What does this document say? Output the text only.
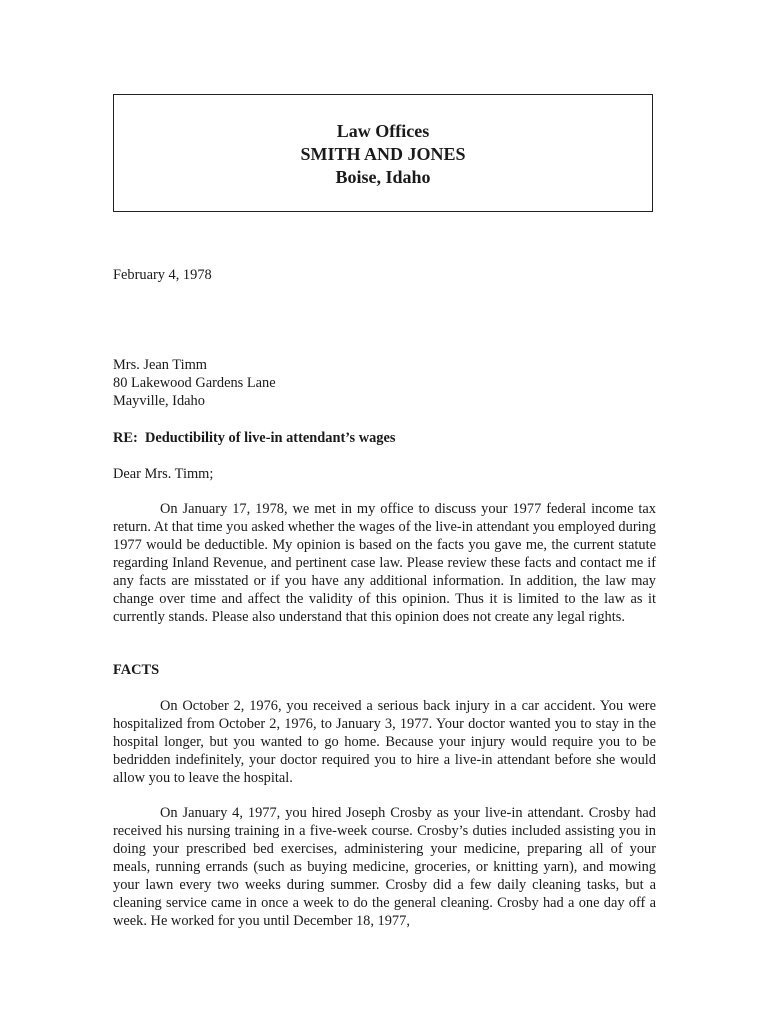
Law Offices
SMITH AND JONES
Boise, Idaho
February 4, 1978
Mrs. Jean Timm
80 Lakewood Gardens Lane
Mayville, Idaho
RE:  Deductibility of live-in attendant’s wages
Dear Mrs. Timm;
On January 17, 1978, we met in my office to discuss your 1977 federal income tax return. At that time you asked whether the wages of the live-in attendant you employed during 1977 would be deductible. My opinion is based on the facts you gave me, the current statute regarding Inland Revenue, and pertinent case law. Please review these facts and contact me if any facts are misstated or if you have any additional information. In addition, the law may change over time and affect the validity of this opinion. Thus it is limited to the law as it currently stands. Please also understand that this opinion does not create any legal rights.
FACTS
On October 2, 1976, you received a serious back injury in a car accident. You were hospitalized from October 2, 1976, to January 3, 1977. Your doctor wanted you to stay in the hospital longer, but you wanted to go home. Because your injury would require you to be bedridden indefinitely, your doctor required you to hire a live-in attendant before she would allow you to leave the hospital.
On January 4, 1977, you hired Joseph Crosby as your live-in attendant. Crosby had received his nursing training in a five-week course. Crosby’s duties included assisting you in doing your prescribed bed exercises, administering your medicine, preparing all of your meals, running errands (such as buying medicine, groceries, or knitting yarn), and mowing your lawn every two weeks during summer. Crosby did a few daily cleaning tasks, but a cleaning service came in once a week to do the general cleaning. Crosby had a one day off a week. He worked for you until December 18, 1977,
